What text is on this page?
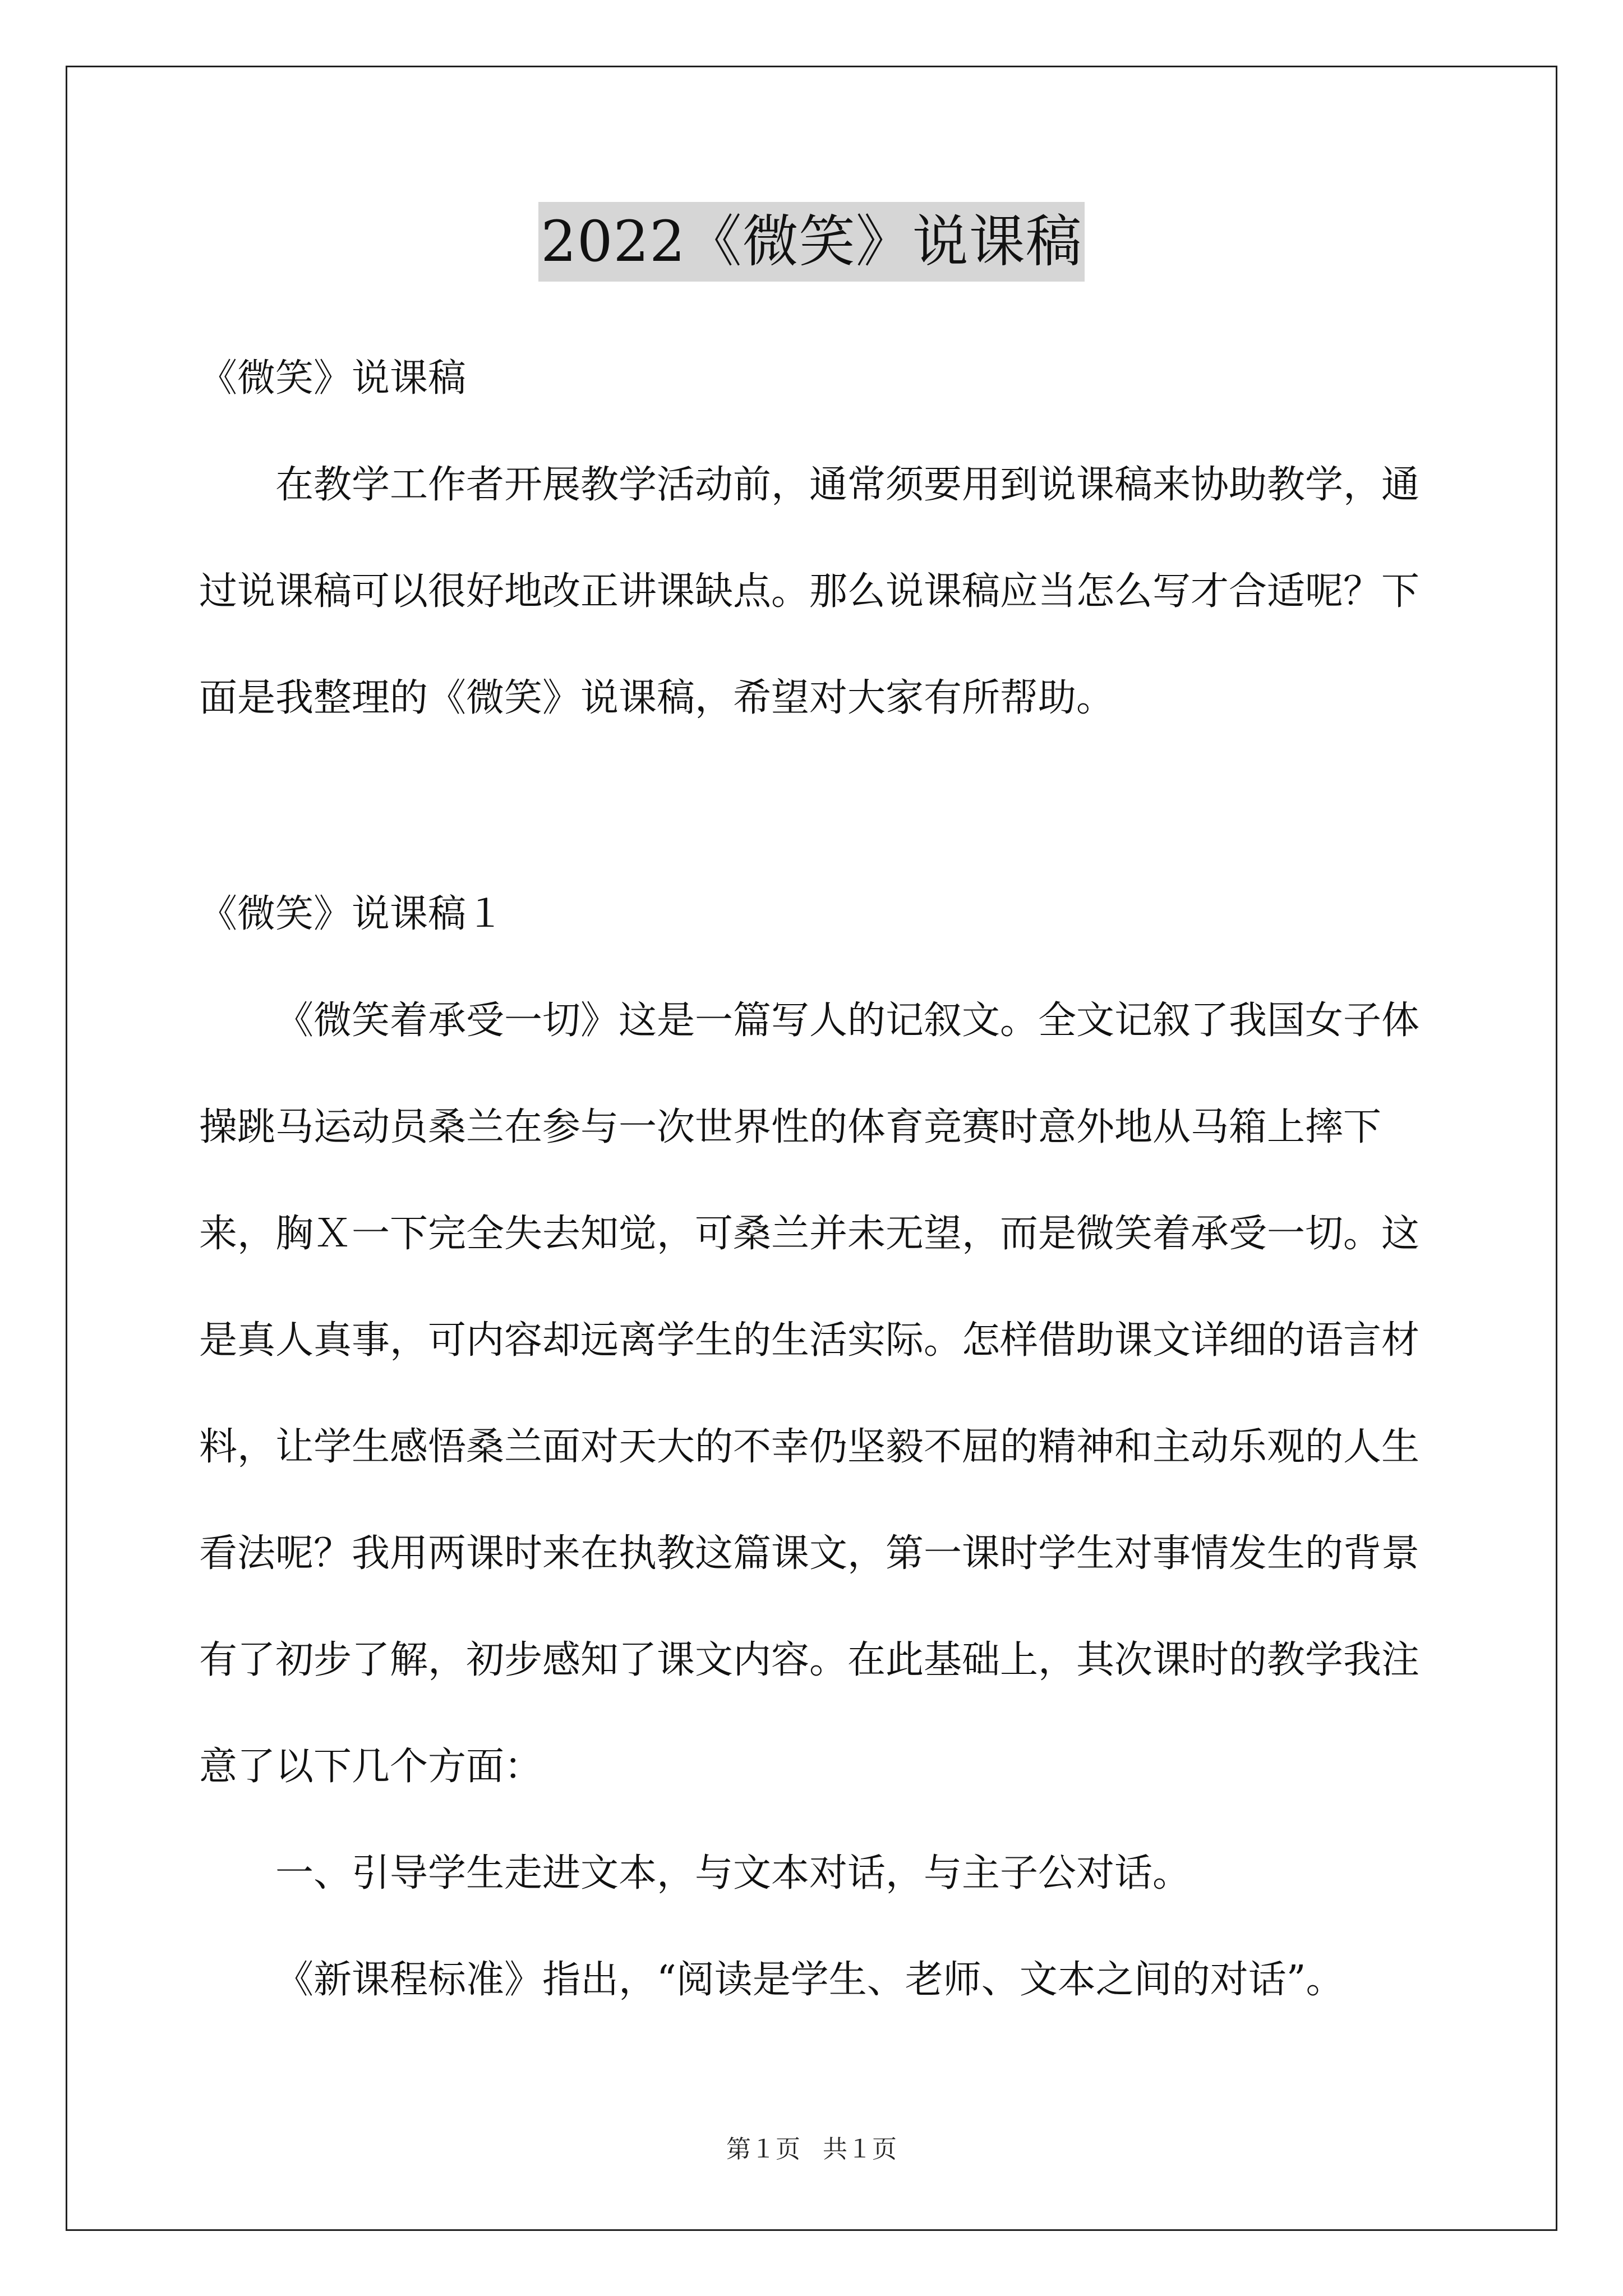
2022《微笑》说课稿

《微笑》说课稿

在教学工作者开展教学活动前，通常须要用到说课稿来协助教学，通过说课稿可以很好地改正讲课缺点。那么说课稿应当怎么写才合适呢？下面是我整理的《微笑》说课稿，希望对大家有所帮助。

《微笑》说课稿１

《微笑着承受一切》这是一篇写人的记叙文。全文记叙了我国女子体操跳马运动员桑兰在参与一次世界性的体育竞赛时意外地从马箱上摔下来，胸Ｘ一下完全失去知觉，可桑兰并未无望，而是微笑着承受一切。这是真人真事，可内容却远离学生的生活实际。怎样借助课文详细的语言材料，让学生感悟桑兰面对天大的不幸仍坚毅不屈的精神和主动乐观的人生看法呢？我用两课时来在执教这篇课文，第一课时学生对事情发生的背景有了初步了解，初步感知了课文内容。在此基础上，其次课时的教学我注意了以下几个方面：

一、引导学生走进文本，与文本对话，与主子公对话。

《新课程标准》指出，“阅读是学生、老师、文本之间的对话”。

第１页 共１页
